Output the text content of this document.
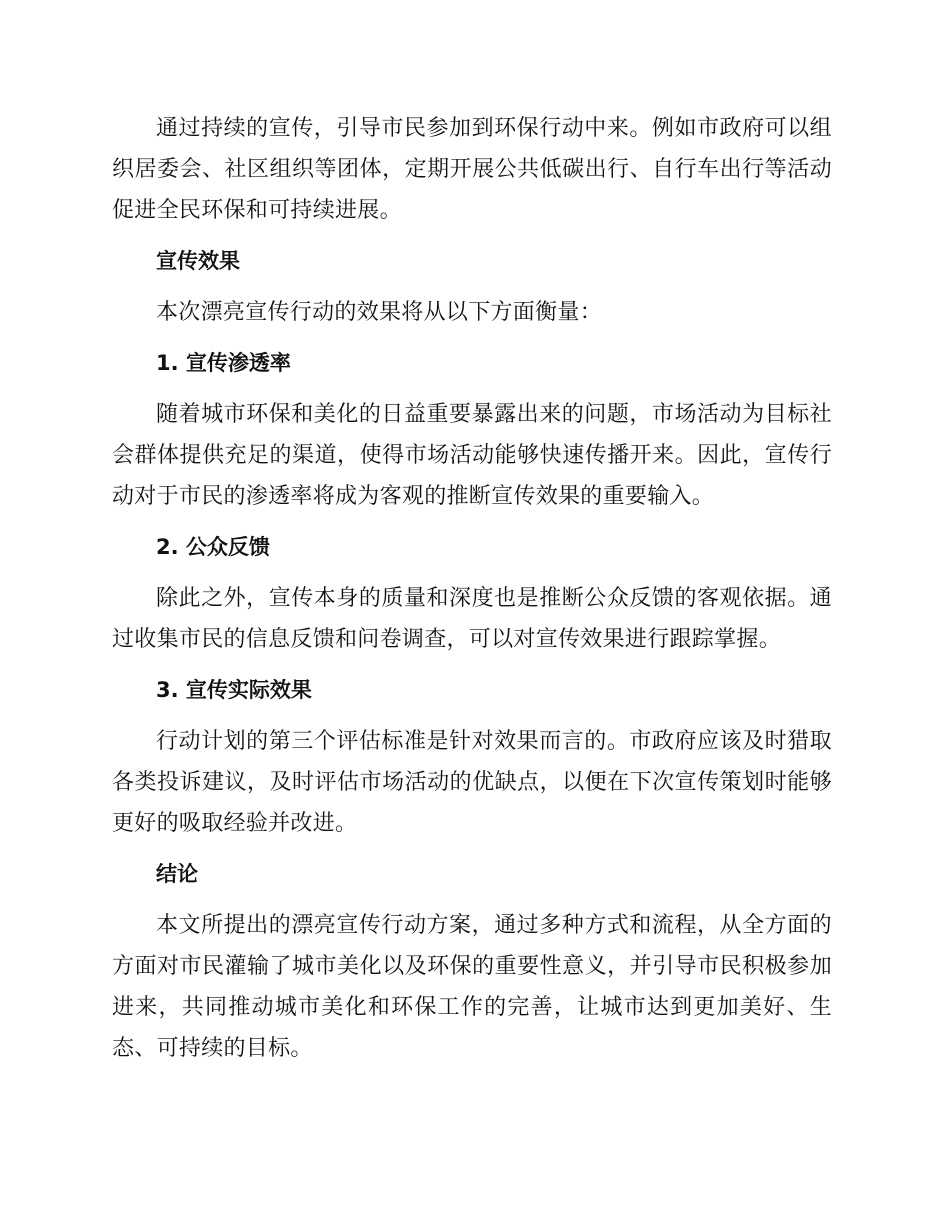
通过持续的宣传，引导市民参加到环保行动中来。例如市政府可以组织居委会、社区组织等团体，定期开展公共低碳出行、自行车出行等活动促进全民环保和可持续进展。

宣传效果

本次漂亮宣传行动的效果将从以下方面衡量：

1. 宣传渗透率

随着城市环保和美化的日益重要暴露出来的问题，市场活动为目标社会群体提供充足的渠道，使得市场活动能够快速传播开来。因此，宣传行动对于市民的渗透率将成为客观的推断宣传效果的重要输入。

2. 公众反馈

除此之外，宣传本身的质量和深度也是推断公众反馈的客观依据。通过收集市民的信息反馈和问卷调查，可以对宣传效果进行跟踪掌握。

3. 宣传实际效果

行动计划的第三个评估标准是针对效果而言的。市政府应该及时猎取各类投诉建议，及时评估市场活动的优缺点，以便在下次宣传策划时能够更好的吸取经验并改进。

结论

本文所提出的漂亮宣传行动方案，通过多种方式和流程，从全方面的方面对市民灌输了城市美化以及环保的重要性意义，并引导市民积极参加进来，共同推动城市美化和环保工作的完善，让城市达到更加美好、生态、可持续的目标。
